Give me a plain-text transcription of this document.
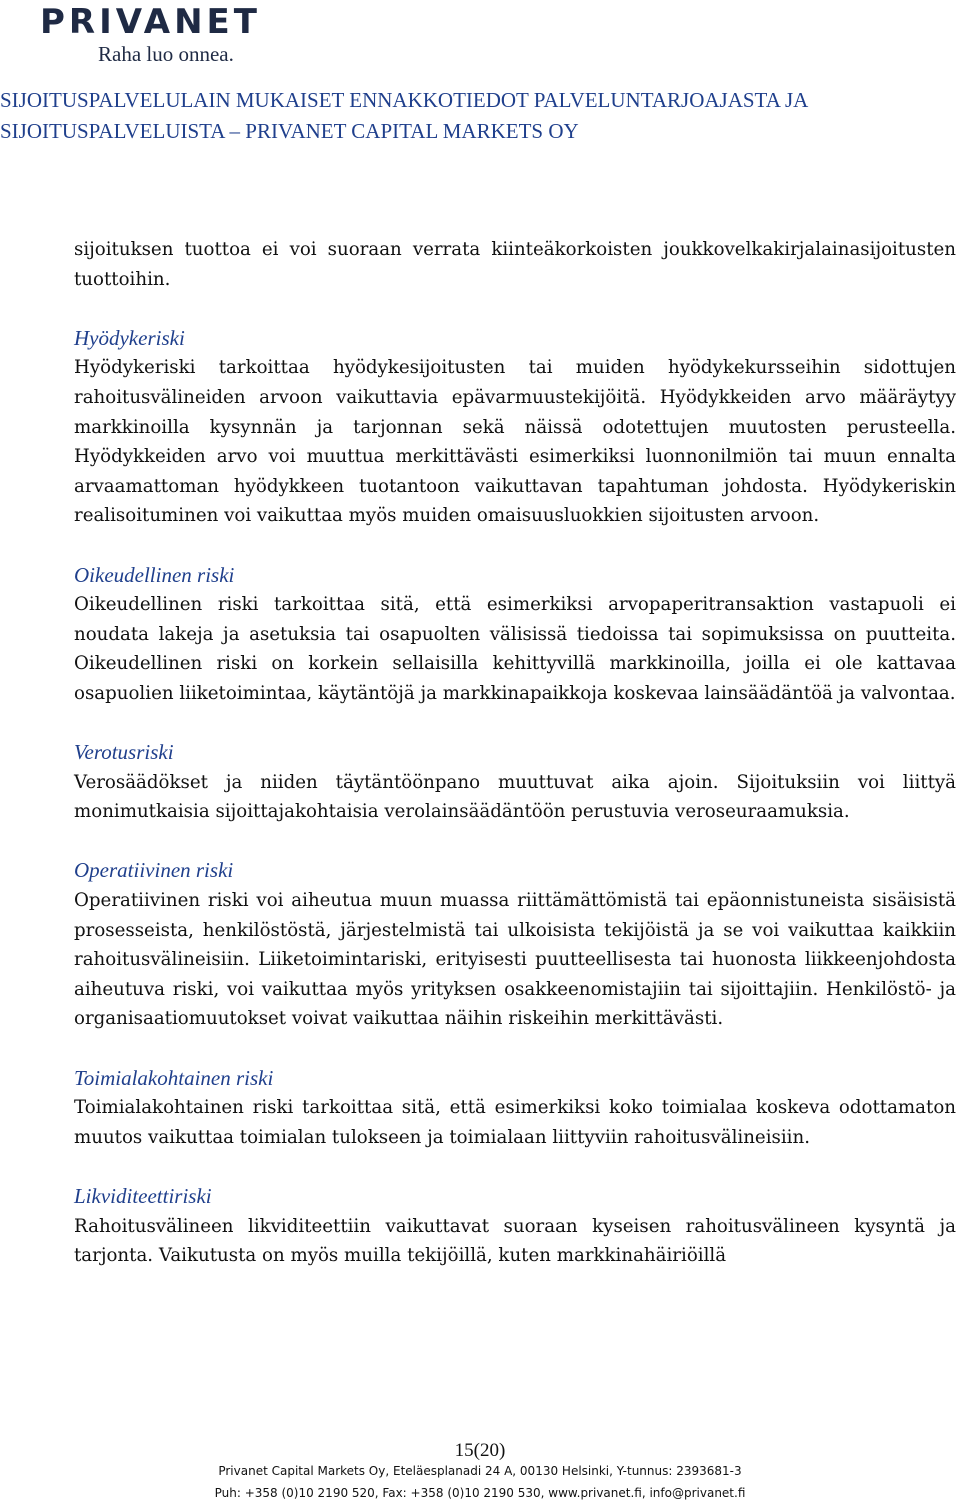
PRIVANET
Raha luo onnea.
SIJOITUSPALVELULAIN MUKAISET ENNAKKOTIEDOT PALVELUNTARJOAJASTA JA SIJOITUSPALVELUISTA – PRIVANET CAPITAL MARKETS OY

sijoituksen tuottoa ei voi suoraan verrata kiinteäkorkoisten joukkovelkakirjalainasijoitusten tuottoihin.

Hyödykeriski

Hyödykeriski tarkoittaa hyödykesijoitusten tai muiden hyödykekursseihin sidottujen rahoitusvälineiden arvoon vaikuttavia epävarmuustekijöitä. Hyödykkeiden arvo määräytyy markkinoilla kysynnän ja tarjonnan sekä näissä odotettujen muutosten perusteella. Hyödykkeiden arvo voi muuttua merkittävästi esimerkiksi luonnonilmiön tai muun ennalta arvaamattoman hyödykkeen tuotantoon vaikuttavan tapahtuman johdosta. Hyödykeriskin realisoituminen voi vaikuttaa myös muiden omaisuusluokkien sijoitusten arvoon.

Oikeudellinen riski

Oikeudellinen riski tarkoittaa sitä, että esimerkiksi arvopaperitransaktion vastapuoli ei noudata lakeja ja asetuksia tai osapuolten välisissä tiedoissa tai sopimuksissa on puutteita. Oikeudellinen riski on korkein sellaisilla kehittyvillä markkinoilla, joilla ei ole kattavaa osapuolien liiketoimintaa, käytäntöjä ja markkinapaikkoja koskevaa lainsäädäntöä ja valvontaa.

Verotusriski

Verosäädökset ja niiden täytäntöönpano muuttuvat aika ajoin. Sijoituksiin voi liittyä monimutkaisia sijoittajakohtaisia verolainsäädäntöön perustuvia veroseuraamuksia.

Operatiivinen riski

Operatiivinen riski voi aiheutua muun muassa riittämättömistä tai epäonnistuneista sisäisistä prosesseista, henkilöstöstä, järjestelmistä tai ulkoisista tekijöistä ja se voi vaikuttaa kaikkiin rahoitusvälineisiin. Liiketoimintariski, erityisesti puutteellisesta tai huonosta liikkeenjohdosta aiheutuva riski, voi vaikuttaa myös yrityksen osakkeenomistajiin tai sijoittajiin. Henkilöstö- ja organisaatiomuutokset voivat vaikuttaa näihin riskeihin merkittävästi.

Toimialakohtainen riski

Toimialakohtainen riski tarkoittaa sitä, että esimerkiksi koko toimialaa koskeva odottamaton muutos vaikuttaa toimialan tulokseen ja toimialaan liittyviin rahoitusvälineisiin.

Likviditeettiriski

Rahoitusvälineen likviditeettiin vaikuttavat suoraan kyseisen rahoitusvälineen kysyntä ja tarjonta. Vaikutusta on myös muilla tekijöillä, kuten markkinahäiriöillä

15(20)
Privanet Capital Markets Oy, Eteläesplanadi 24 A, 00130 Helsinki, Y-tunnus: 2393681-3
Puh: +358 (0)10 2190 520, Fax: +358 (0)10 2190 530, www.privanet.fi, info@privanet.fi
